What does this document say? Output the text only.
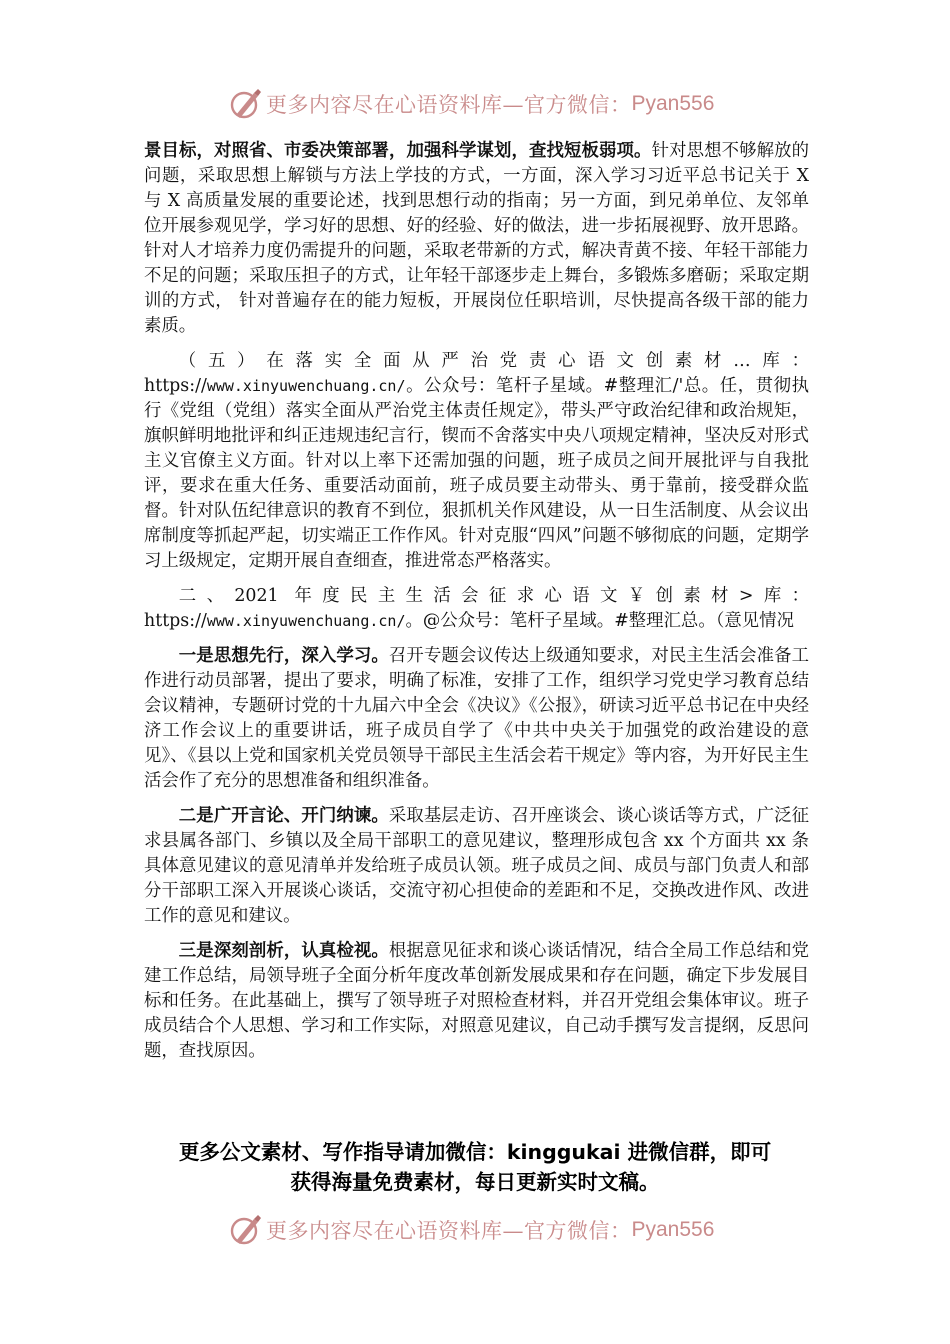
更多内容尽在心语资料库—官方微信： Pyan556

景目标，对照省、市委决策部署，加强科学谋划，查找短板弱项。针对思想不够解放的问题，采取思想上解锁与方法上学技的方式，一方面，深入学习习近平总书记关于 X 与 X 高质量发展的重要论述，找到思想行动的指南；另一方面，到兄弟单位、友邻单位开展参观见学，学习好的思想、好的经验、好的做法，进一步拓展视野、放开思路。针对人才培养力度仍需提升的问题，采取老带新的方式，解决青黄不接、年轻干部能力不足的问题；采取压担子的方式，让年轻干部逐步走上舞台，多锻炼多磨砺；采取定期训的方式， 针对普遍存在的能力短板，开展岗位任职培训，尽快提高各级干部的能力素质。

（五）在落实全面从严治党责心语文创素材…库：https://www.xinyuwenchuang.cn/。公众号：笔杆子星域。#整理汇/'总。任，贯彻执行《党组（党组）落实全面从严治党主体责任规定》，带头严守政治纪律和政治规矩，旗帜鲜明地批评和纠正违规违纪言行，锲而不舍落实中央八项规定精神，坚决反对形式主义官僚主义方面。针对以上率下还需加强的问题，班子成员之间开展批评与自我批评，要求在重大任务、重要活动面前，班子成员要主动带头、勇于靠前，接受群众监督。针对队伍纪律意识的教育不到位，狠抓机关作风建设，从一日生活制度、从会议出席制度等抓起严起，切实端正工作作风。针对克服“四风”问题不够彻底的问题，定期学习上级规定，定期开展自查细查，推进常态严格落实。

二、2021 年度民主生活会征求心语文￥创素材>库：https://www.xinyuwenchuang.cn/。@公众号：笔杆子星域。#整理汇总。（意见情况

一是思想先行，深入学习。召开专题会议传达上级通知要求，对民主生活会准备工作进行动员部署，提出了要求，明确了标准，安排了工作，组织学习党史学习教育总结会议精神，专题研讨党的十九届六中全会《决议》《公报》，研读习近平总书记在中央经济工作会议上的重要讲话，班子成员自学了《中共中央关于加强党的政治建设的意见》、《县以上党和国家机关党员领导干部民主生活会若干规定》等内容，为开好民主生活会作了充分的思想准备和组织准备。

二是广开言论、开门纳谏。采取基层走访、召开座谈会、谈心谈话等方式，广泛征求县属各部门、乡镇以及全局干部职工的意见建议，整理形成包含 xx 个方面共 xx 条具体意见建议的意见清单并发给班子成员认领。班子成员之间、成员与部门负责人和部分干部职工深入开展谈心谈话，交流守初心担使命的差距和不足，交换改进作风、改进工作的意见和建议。

三是深刻剖析，认真检视。根据意见征求和谈心谈话情况，结合全局工作总结和党建工作总结，局领导班子全面分析年度改革创新发展成果和存在问题，确定下步发展目标和任务。在此基础上，撰写了领导班子对照检查材料，并召开党组会集体审议。班子成员结合个人思想、学习和工作实际，对照意见建议，自己动手撰写发言提纲，反思问题，查找原因。

更多公文素材、写作指导请加微信：kinggukai 进微信群，即可
获得海量免费素材，每日更新实时文稿。
更多内容尽在心语资料库—官方微信： Pyan556
